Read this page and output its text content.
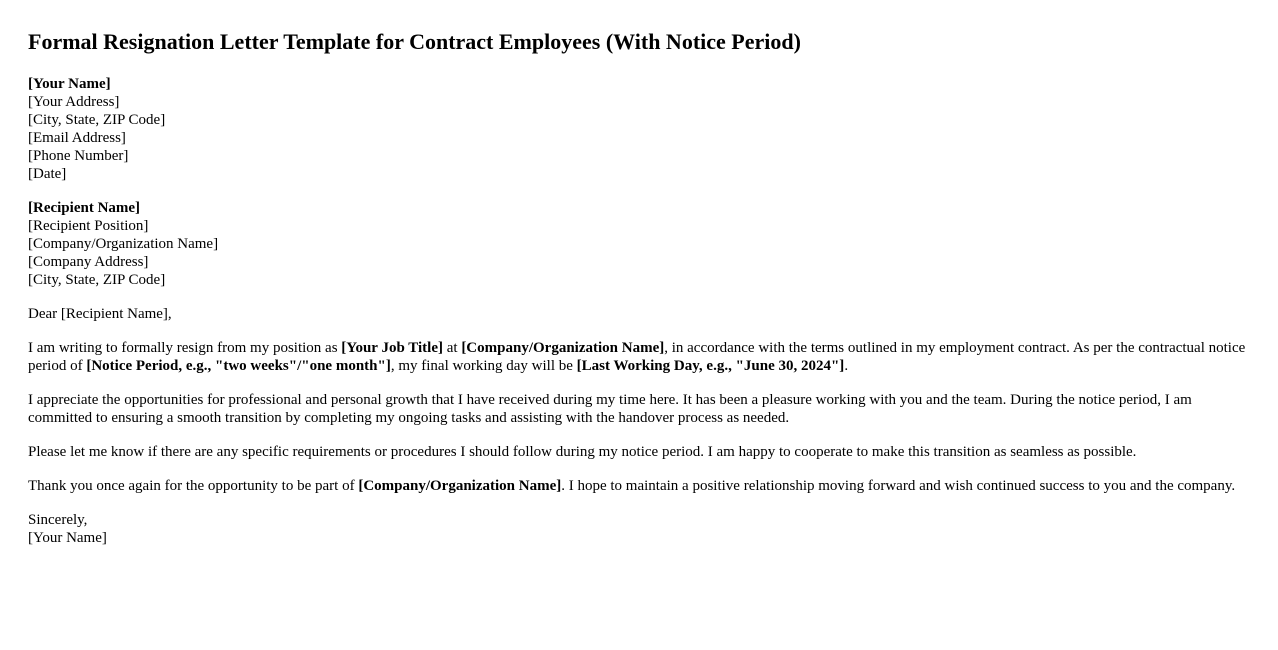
Formal Resignation Letter Template for Contract Employees (With Notice Period)
[Your Name]
[Your Address]
[City, State, ZIP Code]
[Email Address]
[Phone Number]
[Date]
[Recipient Name]
[Recipient Position]
[Company/Organization Name]
[Company Address]
[City, State, ZIP Code]

Dear [Recipient Name],

I am writing to formally resign from my position as [Your Job Title] at [Company/Organization Name], in accordance with the terms outlined in my employment contract. As per the contractual notice period of [Notice Period, e.g., "two weeks"/"one month"], my final working day will be [Last Working Day, e.g., "June 30, 2024"].

I appreciate the opportunities for professional and personal growth that I have received during my time here. It has been a pleasure working with you and the team. During the notice period, I am committed to ensuring a smooth transition by completing my ongoing tasks and assisting with the handover process as needed.

Please let me know if there are any specific requirements or procedures I should follow during my notice period. I am happy to cooperate to make this transition as seamless as possible.

Thank you once again for the opportunity to be part of [Company/Organization Name]. I hope to maintain a positive relationship moving forward and wish continued success to you and the company.

Sincerely,
[Your Name]
